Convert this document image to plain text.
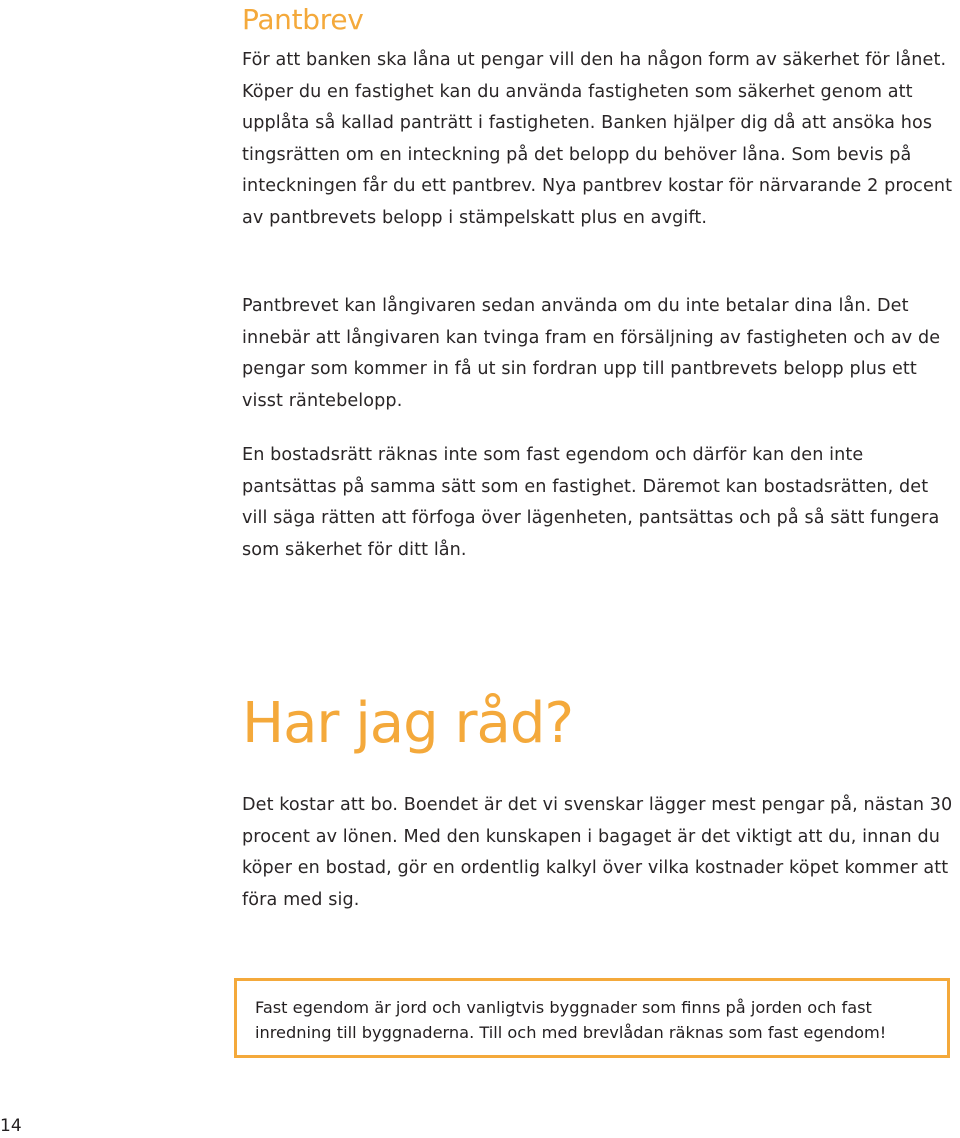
Pantbrev

För att banken ska låna ut pengar vill den ha någon form av säkerhet för lånet. Köper du en fastighet kan du använda fastigheten som säkerhet genom att upplåta så kallad panträtt i fastigheten. Banken hjälper dig då att ansöka hos tingsrätten om en inteckning på det belopp du behöver låna. Som bevis på inteckningen får du ett pantbrev. Nya pantbrev kostar för närvarande 2 procent av pantbrevets belopp i stämpelskatt plus en avgift.

Pantbrevet kan långivaren sedan använda om du inte betalar dina lån. Det innebär att långivaren kan tvinga fram en försäljning av fastigheten och av de pengar som kommer in få ut sin fordran upp till pantbrevets belopp plus ett visst räntebelopp.

En bostadsrätt räknas inte som fast egendom och därför kan den inte pantsättas på samma sätt som en fastighet. Däremot kan bostadsrätten, det vill säga rätten att förfoga över lägenheten, pantsättas och på så sätt fungera som säkerhet för ditt lån.

Har jag råd?

Det kostar att bo. Boendet är det vi svenskar lägger mest pengar på, nästan 30 procent av lönen. Med den kunskapen i bagaget är det viktigt att du, innan du köper en bostad, gör en ordentlig kalkyl över vilka kostnader köpet kommer att föra med sig.

Fast egendom är jord och vanligtvis byggnader som finns på jorden och fast inredning till byggnaderna. Till och med brevlådan räknas som fast egendom!

14
